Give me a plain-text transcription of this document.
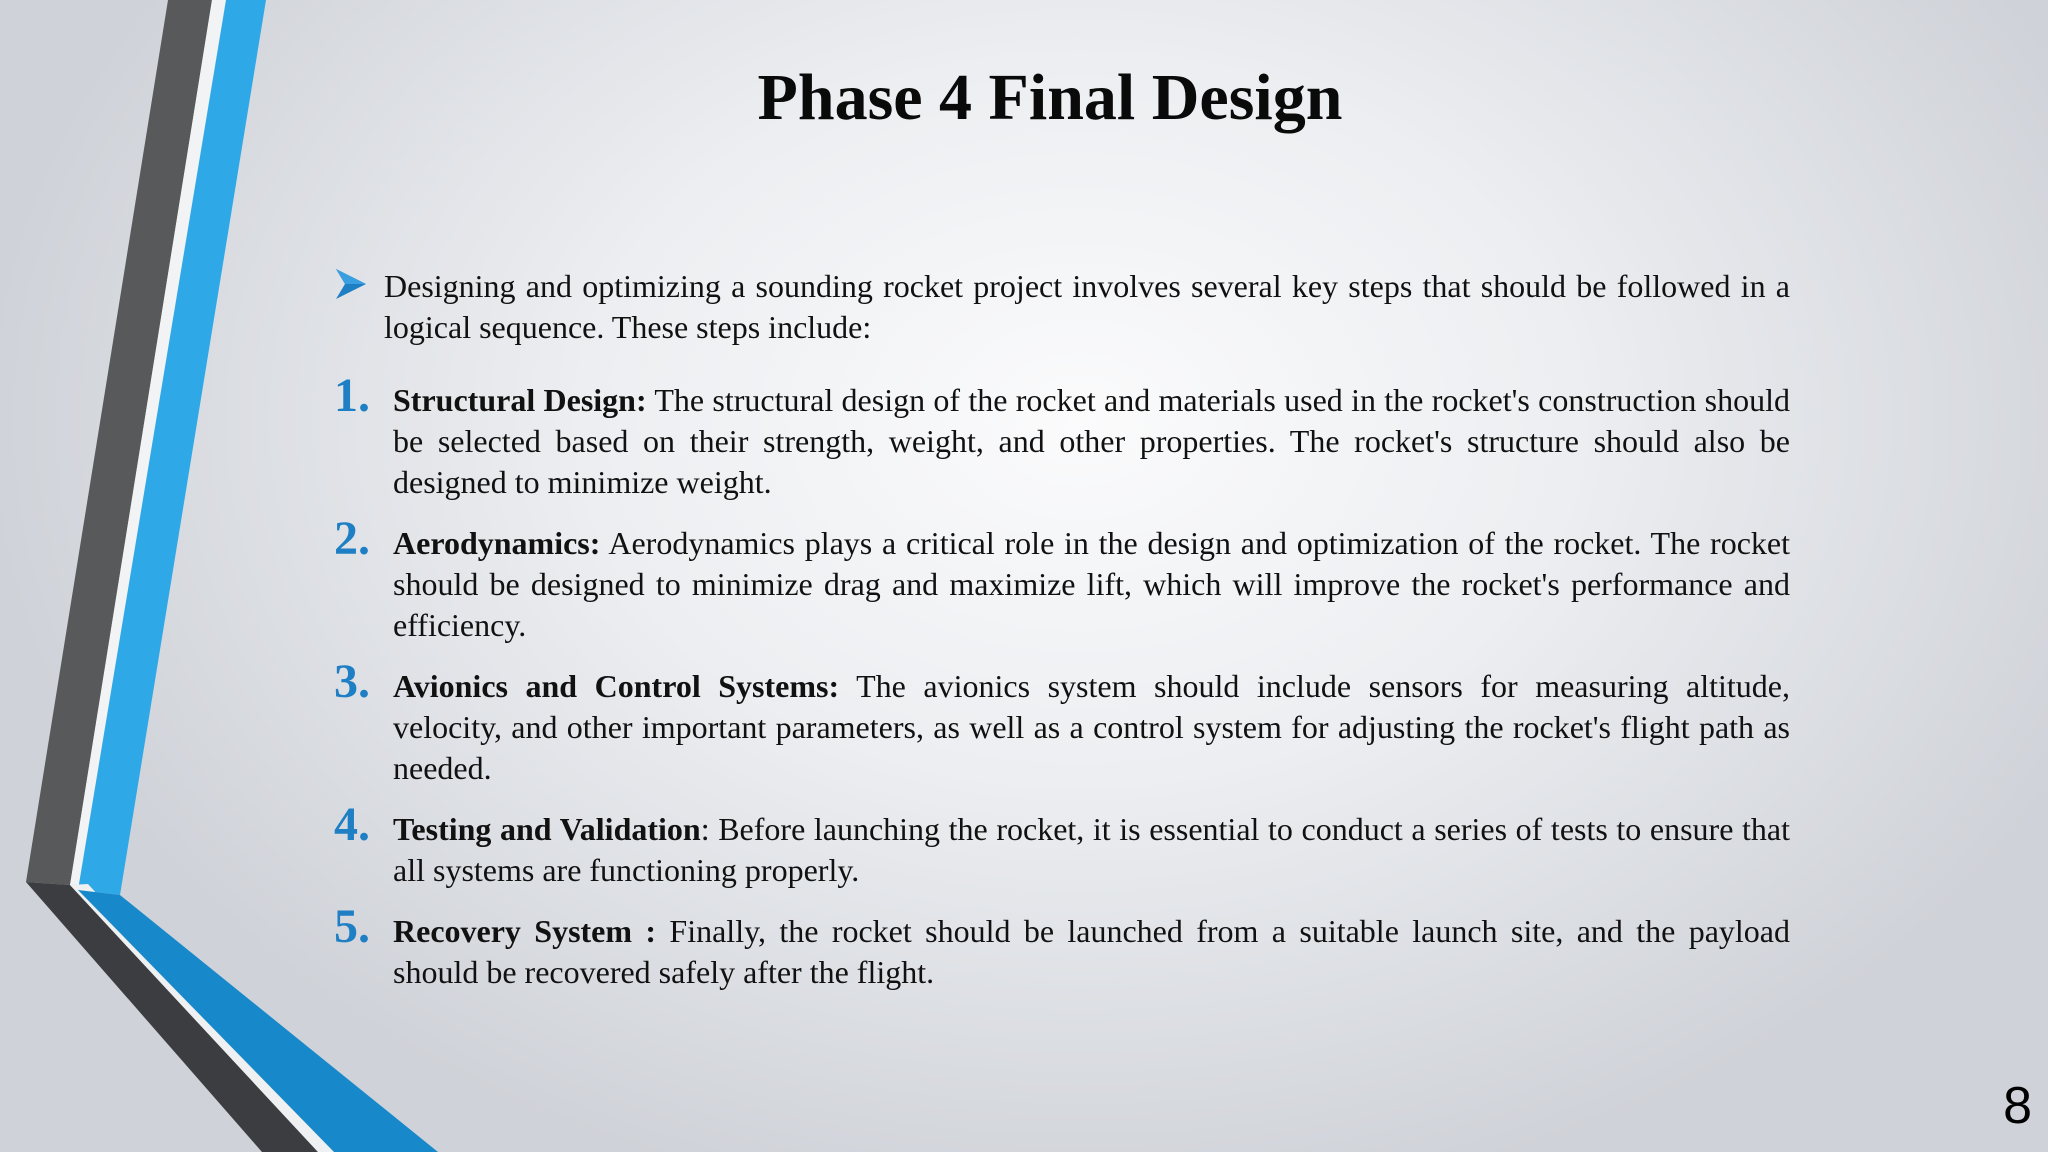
Phase 4 Final Design
Designing and optimizing a sounding rocket project involves several key steps that should be followed in a logical sequence. These steps include:
1. Structural Design: The structural design of the rocket and materials used in the rocket's construction should be selected based on their strength, weight, and other properties. The rocket's structure should also be designed to minimize weight.
2. Aerodynamics: Aerodynamics plays a critical role in the design and optimization of the rocket. The rocket should be designed to minimize drag and maximize lift, which will improve the rocket's performance and efficiency.
3. Avionics and Control Systems: The avionics system should include sensors for measuring altitude, velocity, and other important parameters, as well as a control system for adjusting the rocket's flight path as needed.
4. Testing and Validation: Before launching the rocket, it is essential to conduct a series of tests to ensure that all systems are functioning properly.
5. Recovery System : Finally, the rocket should be launched from a suitable launch site, and the payload should be recovered safely after the flight.
8
